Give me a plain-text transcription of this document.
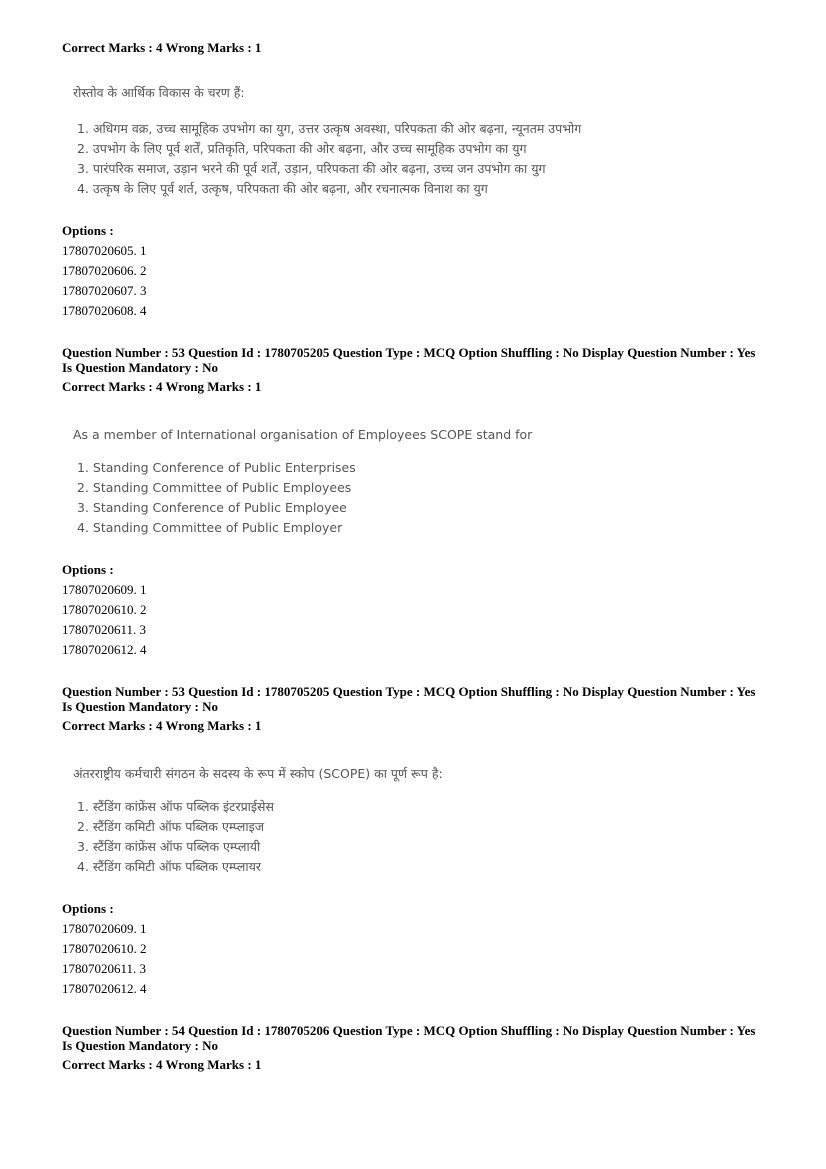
Correct Marks : 4 Wrong Marks : 1
रोस्तोव के आर्थिक विकास के चरण हैं:
1. अधिगम वक्र, उच्च सामूहिक उपभोग का युग, उत्तर उत्कृष अवस्था, परिपकता की ओर बढ़ना, न्यूनतम उपभोग
2. उपभोग के लिए पूर्व शर्तें, प्रतिकृति, परिपकता की ओर बढ़ना, और उच्च सामूहिक उपभोग का युग
3. पारंपरिक समाज, उड़ान भरने की पूर्व शर्तें, उड़ान, परिपकता की ओर बढ़ना, उच्च जन उपभोग का युग
4. उत्कृष के लिए पूर्व शर्त, उत्कृष, परिपकता की ओर बढ़ना, और रचनात्मक विनाश का युग
Options :
17807020605. 1
17807020606. 2
17807020607. 3
17807020608. 4
Question Number : 53 Question Id : 1780705205 Question Type : MCQ Option Shuffling : No Display Question Number : Yes
Is Question Mandatory : No
Correct Marks : 4 Wrong Marks : 1
As a member of International organisation of Employees SCOPE stand for
1. Standing Conference of Public Enterprises
2. Standing Committee of Public Employees
3. Standing Conference of Public Employee
4. Standing Committee of Public Employer
Options :
17807020609. 1
17807020610. 2
17807020611. 3
17807020612. 4
Question Number : 53 Question Id : 1780705205 Question Type : MCQ Option Shuffling : No Display Question Number : Yes
Is Question Mandatory : No
Correct Marks : 4 Wrong Marks : 1
अंतरराष्ट्रीय कर्मचारी संगठन के सदस्य के रूप में स्कोप (SCOPE) का पूर्ण रूप है:
1. स्टैंडिंग कांफ्रेंस ऑफ पब्लिक इंटरप्राईसेस
2. स्टैंडिंग कमिटी ऑफ पब्लिक एम्प्लाइज
3. स्टैंडिंग कांफ्रेंस ऑफ पब्लिक एम्प्लायी
4. स्टैंडिंग कमिटी ऑफ पब्लिक एम्प्लायर
Options :
17807020609. 1
17807020610. 2
17807020611. 3
17807020612. 4
Question Number : 54 Question Id : 1780705206 Question Type : MCQ Option Shuffling : No Display Question Number : Yes
Is Question Mandatory : No
Correct Marks : 4 Wrong Marks : 1
